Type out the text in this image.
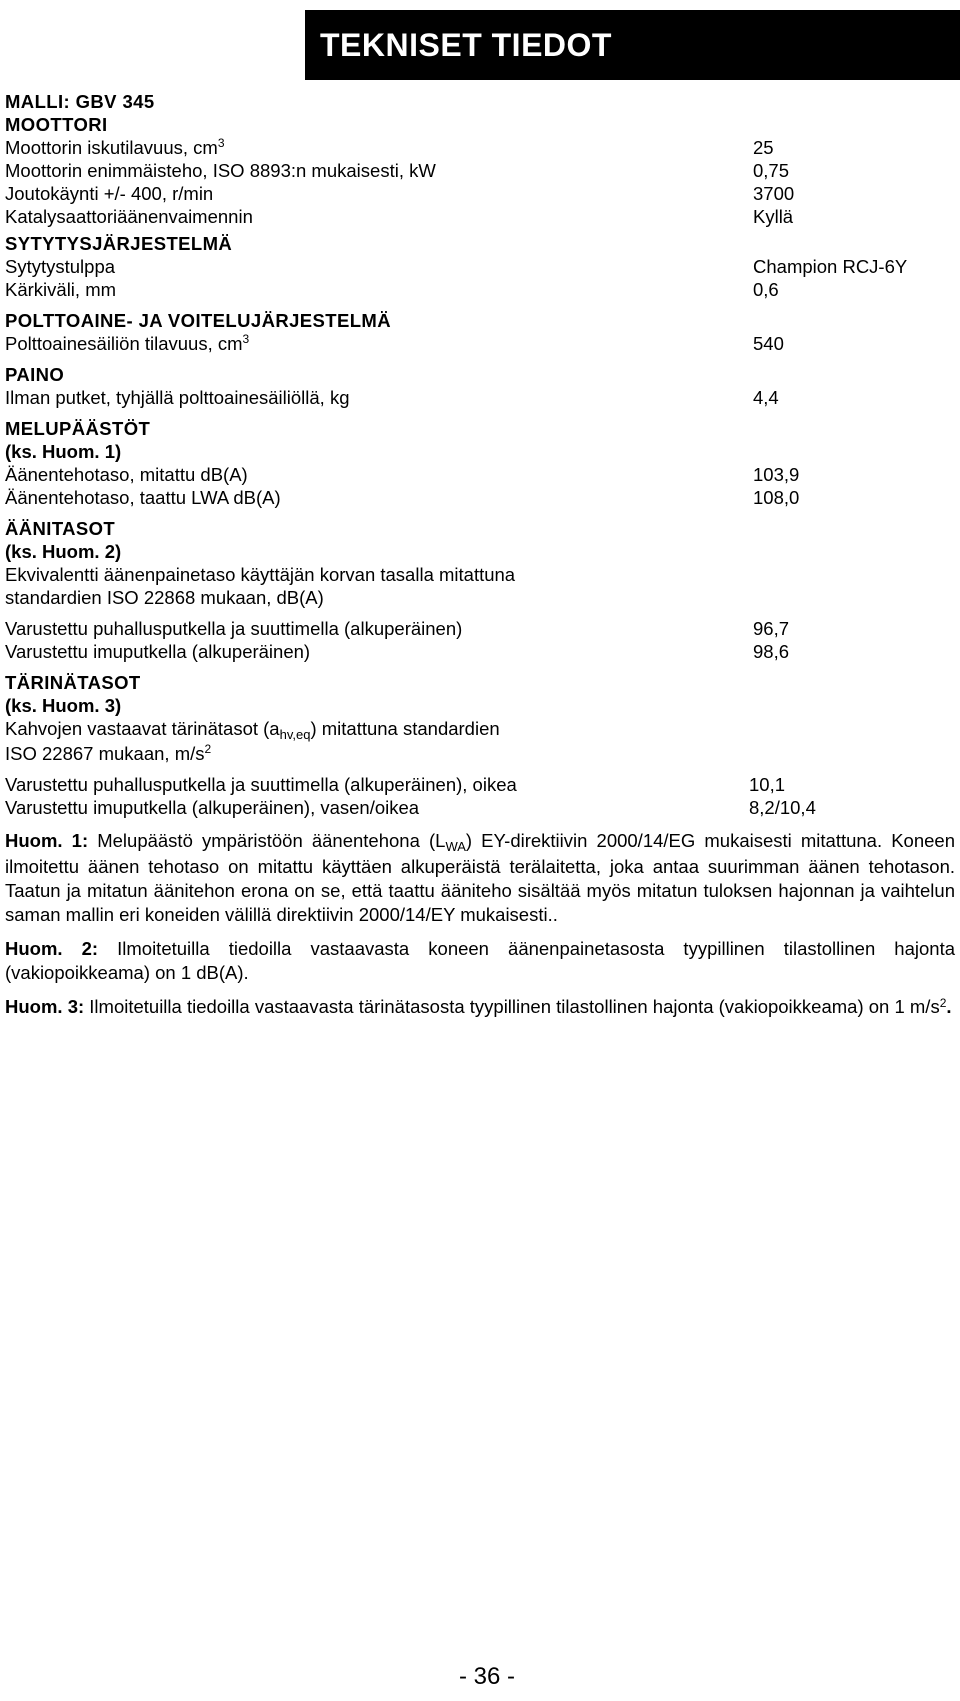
TEKNISET TIEDOT
MALLI: GBV 345
MOOTTORI
Moottorin iskutilavuus, $cm^3$	25
Moottorin enimmäisteho, ISO 8893:n mukaisesti, kW	0,75
Joutokäynti +/- 400, r/min	3700
Katalysaattoriäänenvaimennin	Kyllä
SYTYTYSJÄRJESTELMÄ
Sytytystulppa	Champion RCJ-6Y
Kärkiväli, mm	0,6
POLTTOAINE- JA VOITELUJÄRJESTELMÄ
Polttoainesäiliön tilavuus, $cm^3$	540
PAINO
Ilman putket, tyhjällä polttoainesäiliöllä, kg	4,4
MELUPÄÄSTÖT
(ks. Huom. 1)
Äänentehotaso, mitattu dB(A)	103,9
Äänentehotaso, taattu LWA dB(A)	108,0
ÄÄNITASOT
(ks. Huom. 2)
Ekvivalentti äänenpainetaso käyttäjän korvan tasalla mitattuna
standardien ISO 22868 mukaan, dB(A)
Varustettu puhallusputkella ja suuttimella (alkuperäinen)	96,7
Varustettu imuputkella (alkuperäinen)	98,6
TÄRINÄTASOT
(ks. Huom. 3)
Kahvojen vastaavat tärinätasot $(a_{hv,eq})$ mitattuna standardien
ISO 22867 mukaan, $m/s^2$
Varustettu puhallusputkella ja suuttimella (alkuperäinen), oikea	10,1
Varustettu imuputkella (alkuperäinen), vasen/oikea	8,2/10,4
Huom. 1: Melupäästö ympäristöön äänentehona $(L_{WA})$ EY-direktiivin 2000/14/EG mukaisesti mitattuna. Koneen ilmoitettu äänen tehotaso on mitattu käyttäen alkuperäistä terälaitetta, joka antaa suurimman äänen tehotason. Taatun ja mitatun äänitehon erona on se, että taattu ääniteho sisältää myös mitatun tuloksen hajonnan ja vaihtelun saman mallin eri koneiden välillä direktiivin 2000/14/EY mukaisesti..
Huom. 2: Ilmoitetuilla tiedoilla vastaavasta koneen äänenpainetasosta tyypillinen tilastollinen hajonta (vakiopoikkeama) on 1 dB(A).
Huom. 3: Ilmoitetuilla tiedoilla vastaavasta tärinätasosta tyypillinen tilastollinen hajonta (vakiopoikkeama) on 1 $m/s^2$.
- 36 -
